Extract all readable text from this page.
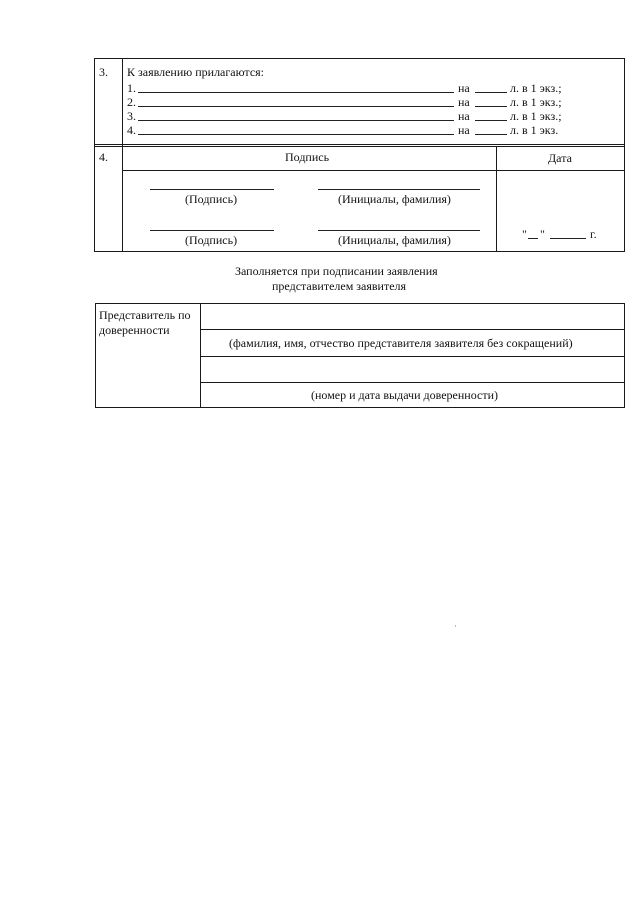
3. К заявлению прилагаются:
1.	на	л. в 1 экз.;
2.	на	л. в 1 экз.;
3.	на	л. в 1 экз.;
4.	на	л. в 1 экз.
4.	Подпись	Дата
(Подпись)	(Инициалы, фамилия)
(Подпись)	(Инициалы, фамилия)	" "	г.
Заполняется при подписании заявления
представителем заявителя
Представитель по доверенности
(фамилия, имя, отчество представителя заявителя без сокращений)
(номер и дата выдачи доверенности)
